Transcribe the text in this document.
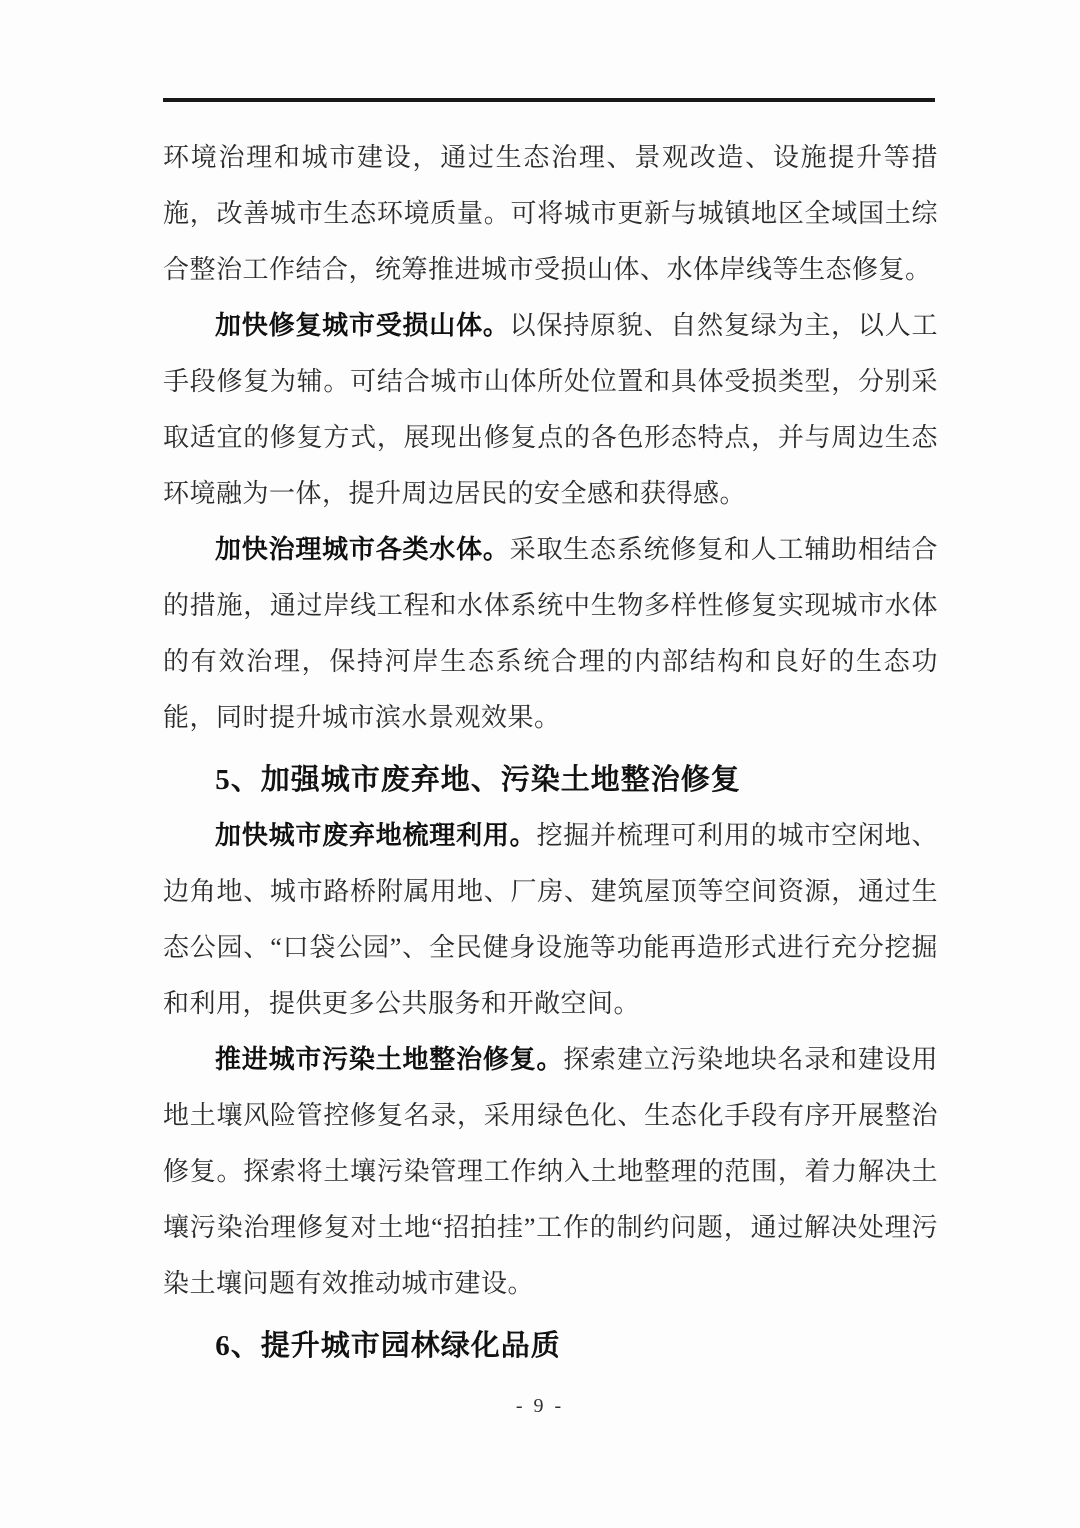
环境治理和城市建设，通过生态治理、景观改造、设施提升等措施，改善城市生态环境质量。可将城市更新与城镇地区全域国土综合整治工作结合，统筹推进城市受损山体、水体岸线等生态修复。

加快修复城市受损山体。以保持原貌、自然复绿为主，以人工手段修复为辅。可结合城市山体所处位置和具体受损类型，分别采取适宜的修复方式，展现出修复点的各色形态特点，并与周边生态环境融为一体，提升周边居民的安全感和获得感。

加快治理城市各类水体。采取生态系统修复和人工辅助相结合的措施，通过岸线工程和水体系统中生物多样性修复实现城市水体的有效治理，保持河岸生态系统合理的内部结构和良好的生态功能，同时提升城市滨水景观效果。

5、加强城市废弃地、污染土地整治修复

加快城市废弃地梳理利用。挖掘并梳理可利用的城市空闲地、边角地、城市路桥附属用地、厂房、建筑屋顶等空间资源，通过生态公园、“口袋公园”、全民健身设施等功能再造形式进行充分挖掘和利用，提供更多公共服务和开敞空间。

推进城市污染土地整治修复。探索建立污染地块名录和建设用地土壤风险管控修复名录，采用绿色化、生态化手段有序开展整治修复。探索将土壤污染管理工作纳入土地整理的范围，着力解决土壤污染治理修复对土地“招拍挂”工作的制约问题，通过解决处理污染土壤问题有效推动城市建设。

6、提升城市园林绿化品质
- 9 -
